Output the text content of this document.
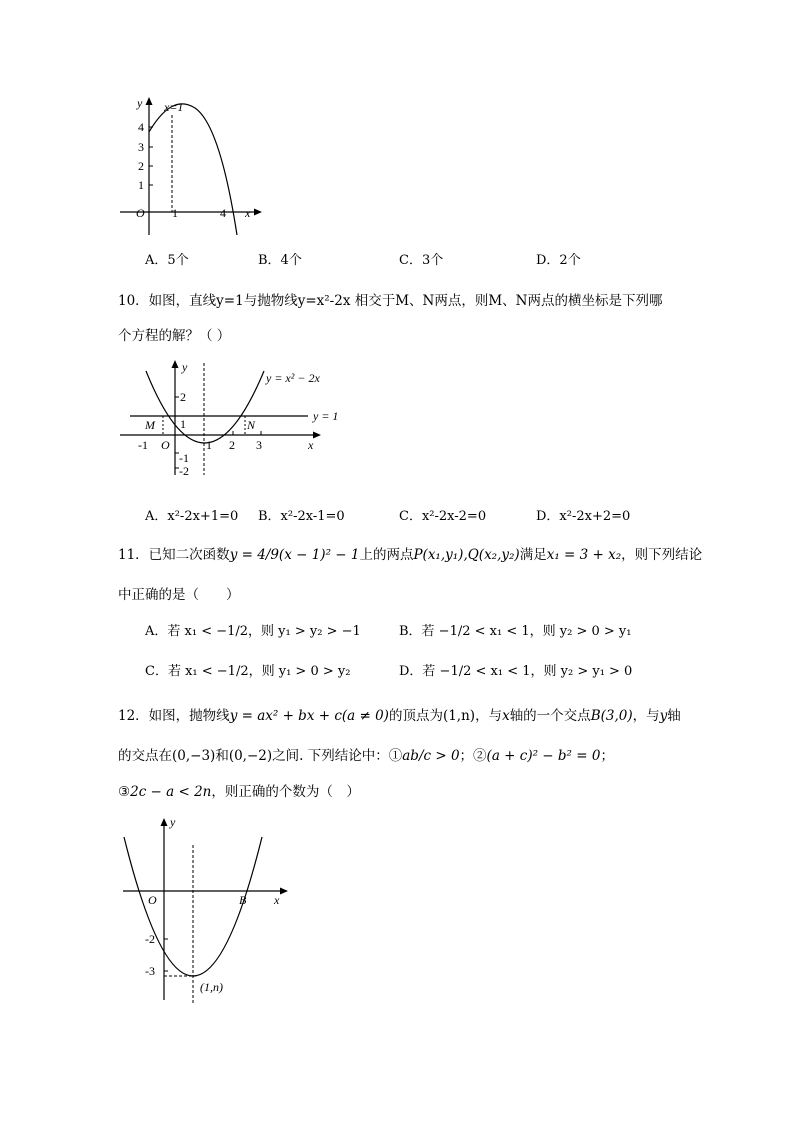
y x=1
4
3
2
1
O 1	4 x
A．5个	B．4个	C．3个	D．2个
10．如图，直线y=1与抛物线y=x²-2x 相交于M、N两点，则M、N两点的横坐标是下列哪
个方程的解？（ ）
y
y = x² − 2x
y = 1
2
1
-1
-2
M	N
-1 O	1 2 3	x
A．x²-2x+1=0 B．x²-2x-1=0	C．x²-2x-2=0	D．x²-2x+2=0
11．已知二次函数y = 4/9(x − 1)² − 1上的两点P(x₁,y₁),Q(x₂,y₂)满足x₁ = 3 + x₂，则下列结论
中正确的是（　　）
A．若 x₁ < −1/2，则 y₁ > y₂ > −1	B．若 −1/2 < x₁ < 1，则 y₂ > 0 > y₁
C．若 x₁ < −1/2，则 y₁ > 0 > y₂	D．若 −1/2 < x₁ < 1，则 y₂ > y₁ > 0
12．如图，抛物线y = ax² + bx + c(a ≠ 0)的顶点为(1,n)，与x轴的一个交点B(3,0)，与y轴
的交点在(0,−3)和(0,−2)之间. 下列结论中：①ab/c > 0；②(a + c)² − b² = 0；
③2c − a < 2n，则正确的个数为（　）
y
O	B x
-2
-3
(1,n)
